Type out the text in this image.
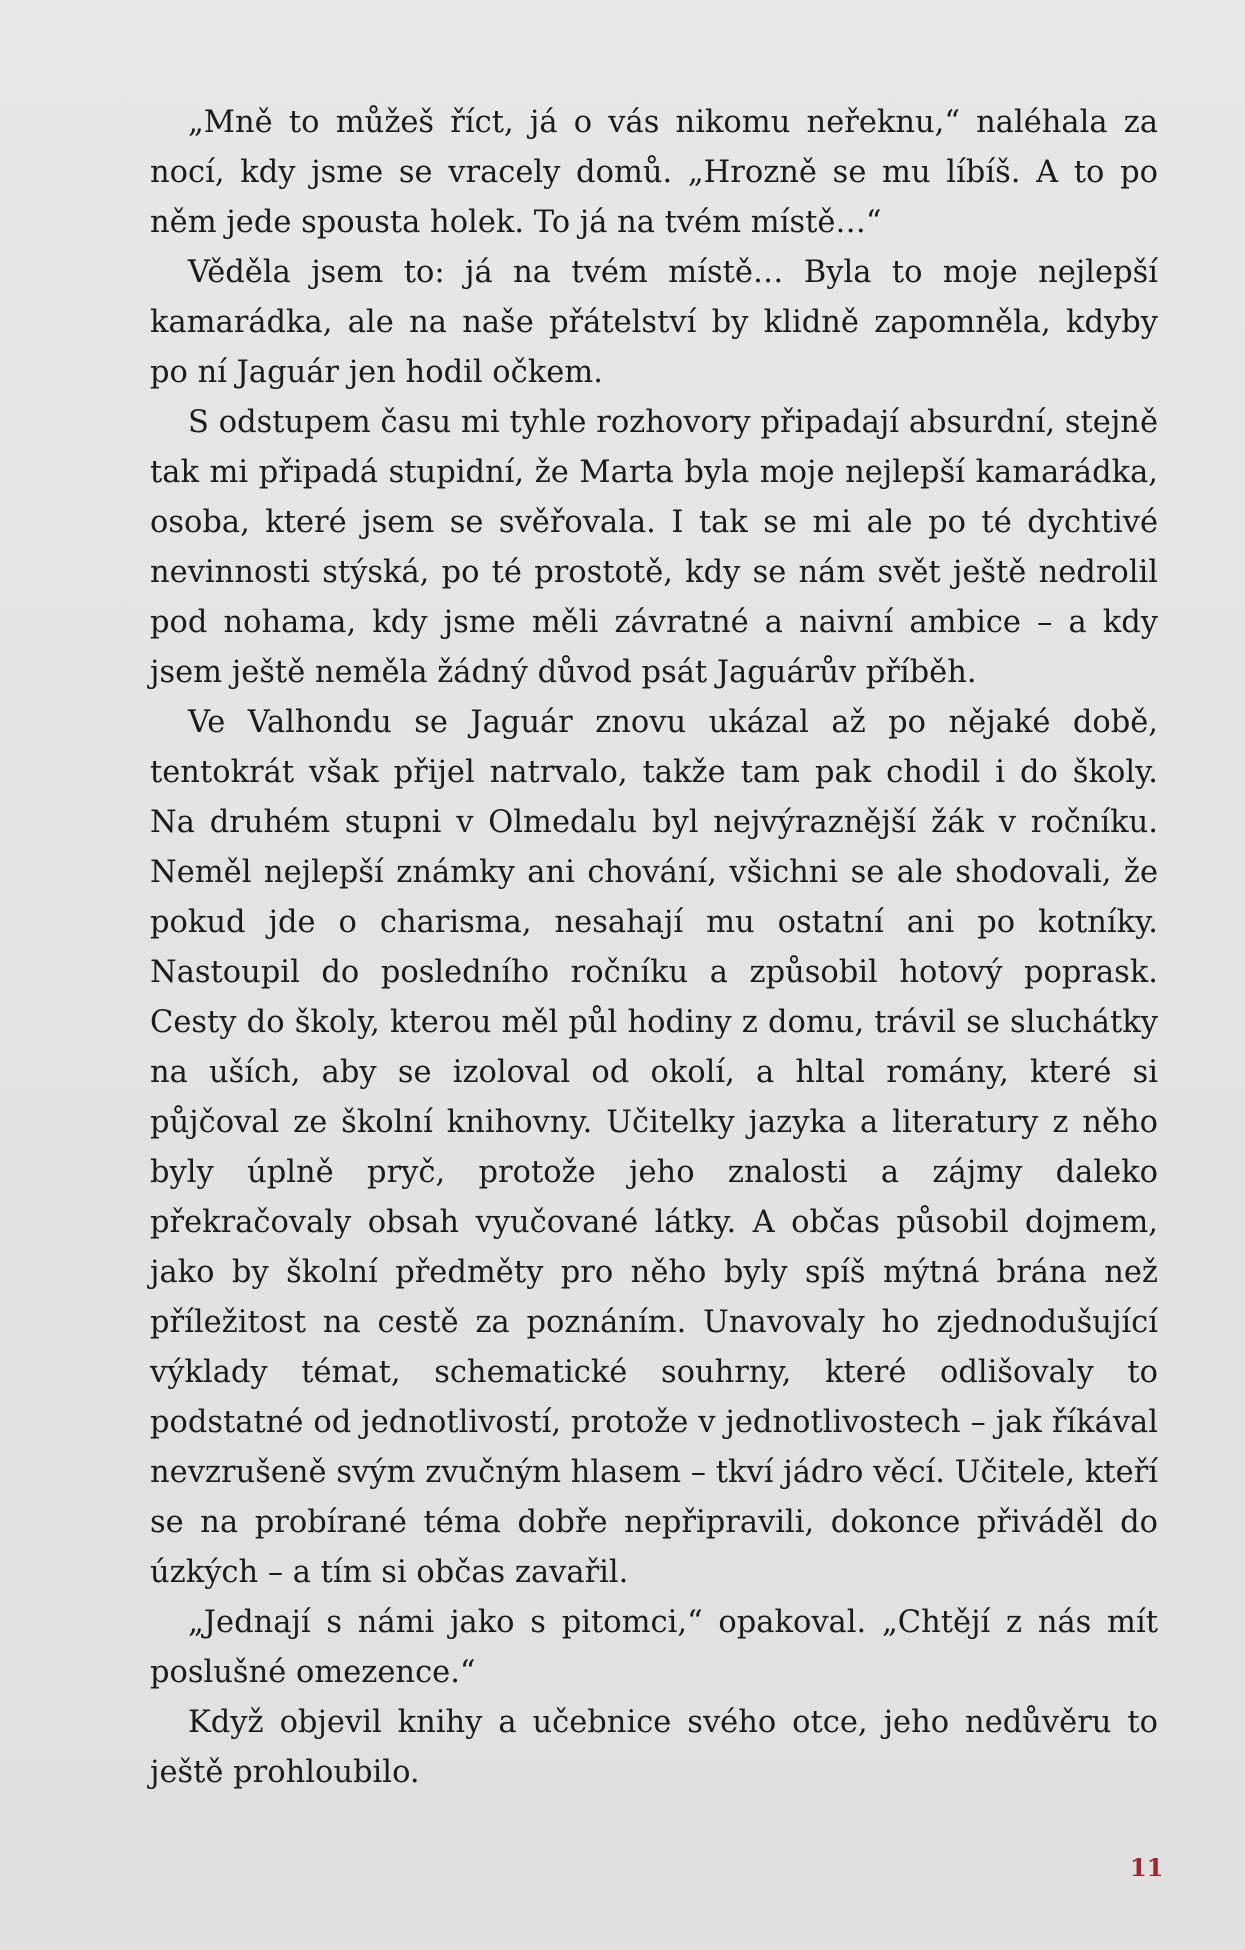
„Mně to můžeš říct, já o vás nikomu neřeknu,“ naléhala za nocí, kdy jsme se vracely domů. „Hrozně se mu líbíš. A to po něm jede spousta holek. To já na tvém místě…“

Věděla jsem to: já na tvém místě… Byla to moje nejlepší kamarádka, ale na naše přátelství by klidně zapomněla, kdyby po ní Jaguár jen hodil očkem.

S odstupem času mi tyhle rozhovory připadají absurdní, stejně tak mi připadá stupidní, že Marta byla moje nejlepší kamarádka, osoba, které jsem se svěřovala. I tak se mi ale po té dychtivé nevinnosti stýská, po té prostotě, kdy se nám svět ještě nedrolil pod nohama, kdy jsme měli závratné a naivní ambice – a kdy jsem ještě neměla žádný důvod psát Jaguárův příběh.

Ve Valhondu se Jaguár znovu ukázal až po nějaké době, tentokrát však přijel natrvalo, takže tam pak chodil i do školy. Na druhém stupni v Olmedalu byl nejvýraznější žák v ročníku. Neměl nejlepší známky ani chování, všichni se ale shodovali, že pokud jde o charisma, nesahají mu ostatní ani po kotníky. Nastoupil do posledního ročníku a způsobil hotový poprask. Cesty do školy, kterou měl půl hodiny z domu, trávil se sluchátky na uších, aby se izoloval od okolí, a hltal romány, které si půjčoval ze školní knihovny. Učitelky jazyka a literatury z něho byly úplně pryč, protože jeho znalosti a zájmy daleko překračovaly obsah vyučované látky. A občas působil dojmem, jako by školní předměty pro něho byly spíš mýtná brána než příležitost na cestě za poznáním. Unavovaly ho zjednodušující výklady témat, schematické souhrny, které odlišovaly to podstatné od jednotlivostí, protože v jednotlivostech – jak říkával nevzrušeně svým zvučným hlasem – tkví jádro věcí. Učitele, kteří se na probírané téma dobře nepřipravili, dokonce přiváděl do úzkých – a tím si občas zavařil.

„Jednají s námi jako s pitomci,“ opakoval. „Chtějí z nás mít poslušné omezence.“

Když objevil knihy a učebnice svého otce, jeho nedůvěru to ještě prohloubilo.

11
